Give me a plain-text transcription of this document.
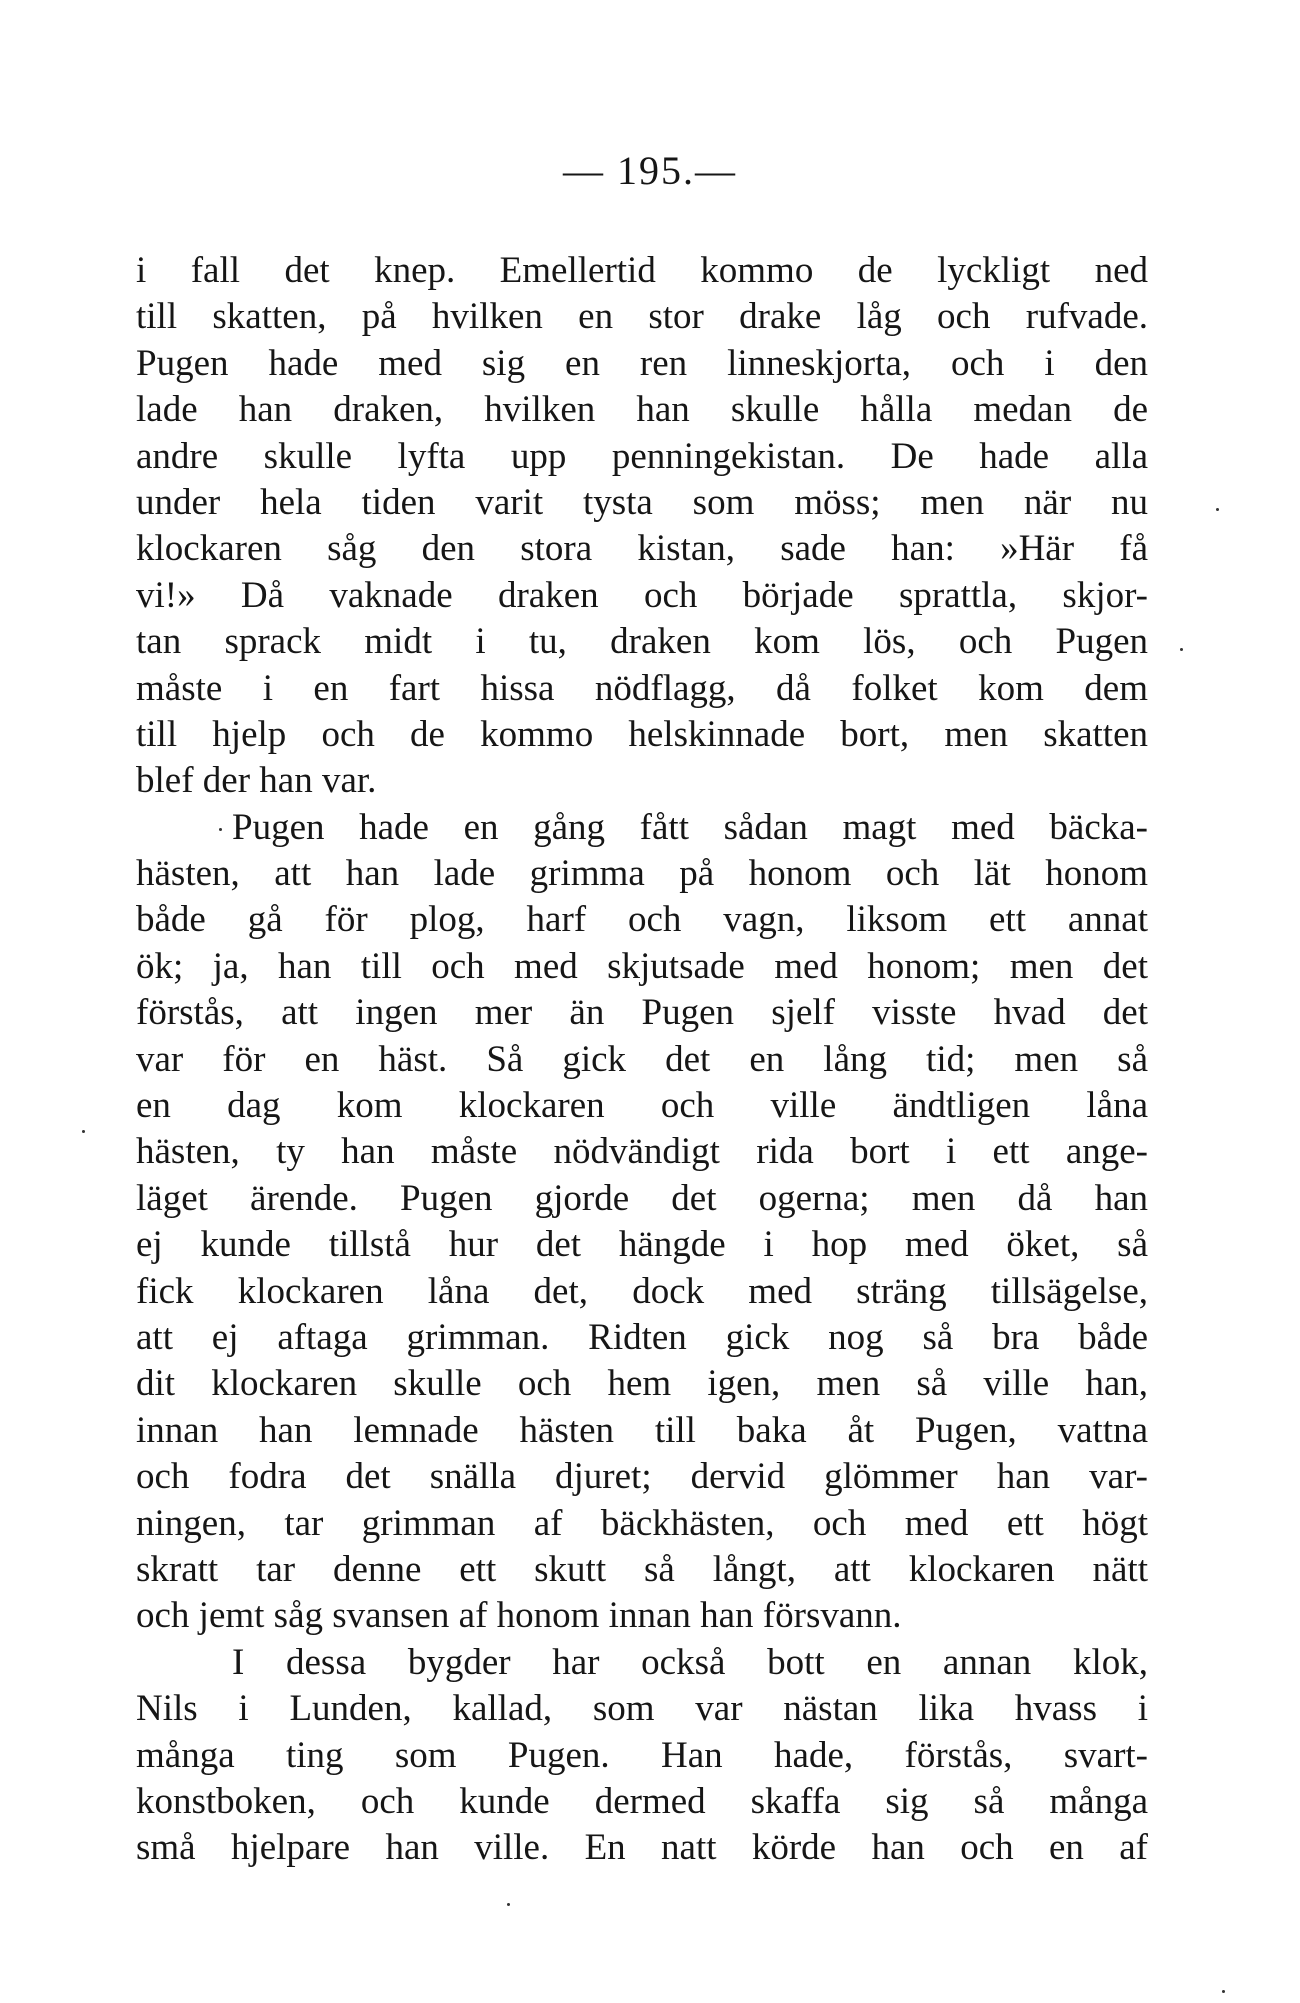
— 195.—
i fall det knep. Emellertid kommo de lyckligt ned
till skatten, på hvilken en stor drake låg och rufvade.
Pugen hade med sig en ren linneskjorta, och i den
lade han draken, hvilken han skulle hålla medan de
andre skulle lyfta upp penningekistan. De hade alla
under hela tiden varit tysta som möss; men när nu
klockaren såg den stora kistan, sade han: »Här få
vi!» Då vaknade draken och började sprattla, skjor-
tan sprack midt i tu, draken kom lös, och Pugen
måste i en fart hissa nödflagg, då folket kom dem
till hjelp och de kommo helskinnade bort, men skatten
blef der han var.
Pugen hade en gång fått sådan magt med bäcka-
hästen, att han lade grimma på honom och lät honom
både gå för plog, harf och vagn, liksom ett annat
ök; ja, han till och med skjutsade med honom; men det
förstås, att ingen mer än Pugen sjelf visste hvad det
var för en häst. Så gick det en lång tid; men så
en dag kom klockaren och ville ändtligen låna
hästen, ty han måste nödvändigt rida bort i ett ange-
läget ärende. Pugen gjorde det ogerna; men då han
ej kunde tillstå hur det hängde i hop med öket, så
fick klockaren låna det, dock med sträng tillsägelse,
att ej aftaga grimman. Ridten gick nog så bra både
dit klockaren skulle och hem igen, men så ville han,
innan han lemnade hästen till baka åt Pugen, vattna
och fodra det snälla djuret; dervid glömmer han var-
ningen, tar grimman af bäckhästen, och med ett högt
skratt tar denne ett skutt så långt, att klockaren nätt
och jemt såg svansen af honom innan han försvann.
I dessa bygder har också bott en annan klok,
Nils i Lunden, kallad, som var nästan lika hvass i
många ting som Pugen. Han hade, förstås, svart-
konstboken, och kunde dermed skaffa sig så många
små hjelpare han ville. En natt körde han och en af
